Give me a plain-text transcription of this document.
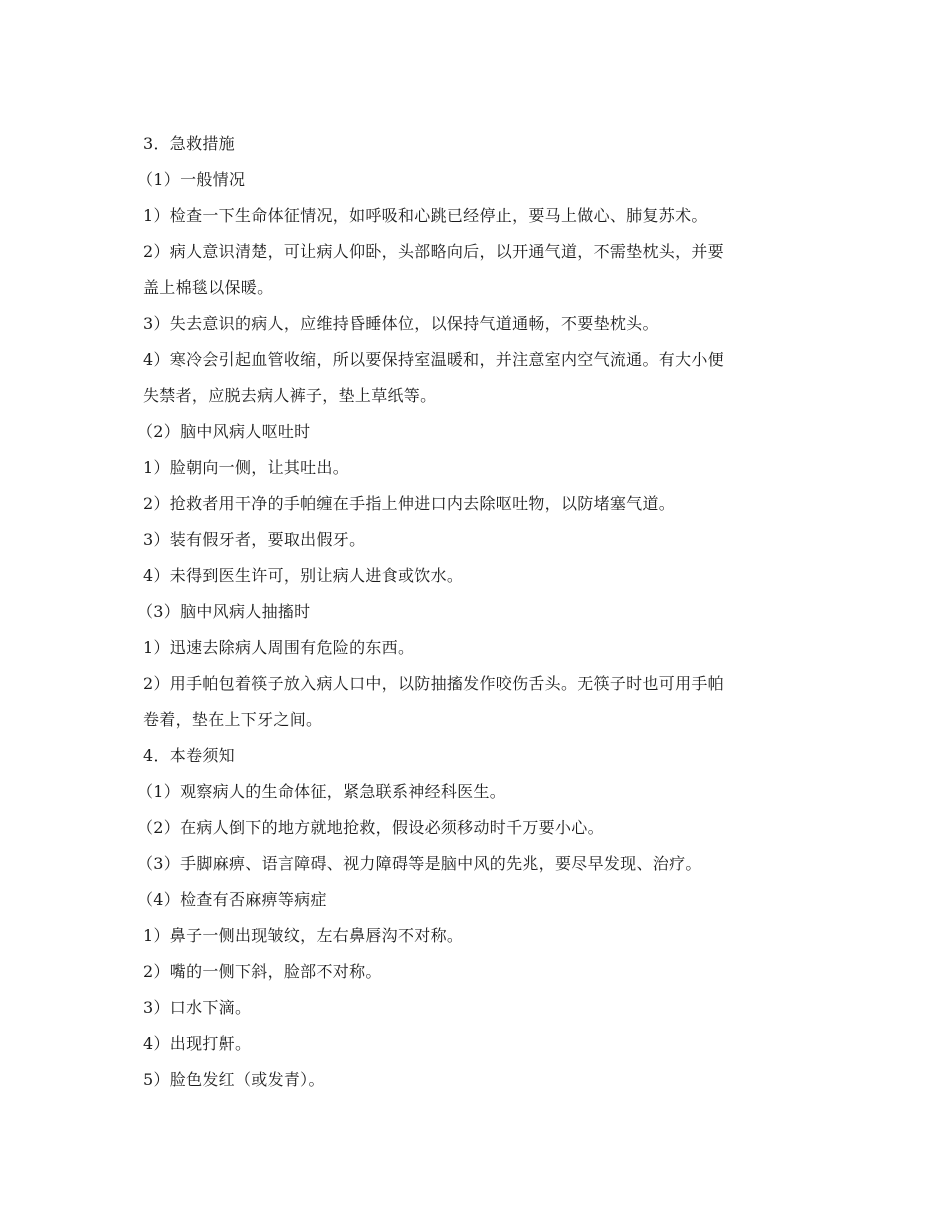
3．急救措施
（1）一般情况
1）检查一下生命体征情况，如呼吸和心跳已经停止，要马上做心、肺复苏术。
2）病人意识清楚，可让病人仰卧，头部略向后，以开通气道，不需垫枕头，并要
盖上棉毯以保暖。
3）失去意识的病人，应维持昏睡体位，以保持气道通畅，不要垫枕头。
4）寒冷会引起血管收缩，所以要保持室温暖和，并注意室内空气流通。有大小便
失禁者，应脱去病人裤子，垫上草纸等。
（2）脑中风病人呕吐时
1）脸朝向一侧，让其吐出。
2）抢救者用干净的手帕缠在手指上伸进口内去除呕吐物，以防堵塞气道。
3）装有假牙者，要取出假牙。
4）未得到医生许可，别让病人进食或饮水。
（3）脑中风病人抽搐时
1）迅速去除病人周围有危险的东西。
2）用手帕包着筷子放入病人口中，以防抽搐发作咬伤舌头。无筷子时也可用手帕
卷着，垫在上下牙之间。
4．本卷须知
（1）观察病人的生命体征，紧急联系神经科医生。
（2）在病人倒下的地方就地抢救，假设必须移动时千万要小心。
（3）手脚麻痹、语言障碍、视力障碍等是脑中风的先兆，要尽早发现、治疗。
（4）检查有否麻痹等病症
1）鼻子一侧出现皱纹，左右鼻唇沟不对称。
2）嘴的一侧下斜，脸部不对称。
3）口水下滴。
4）出现打鼾。
5）脸色发红（或发青）。
